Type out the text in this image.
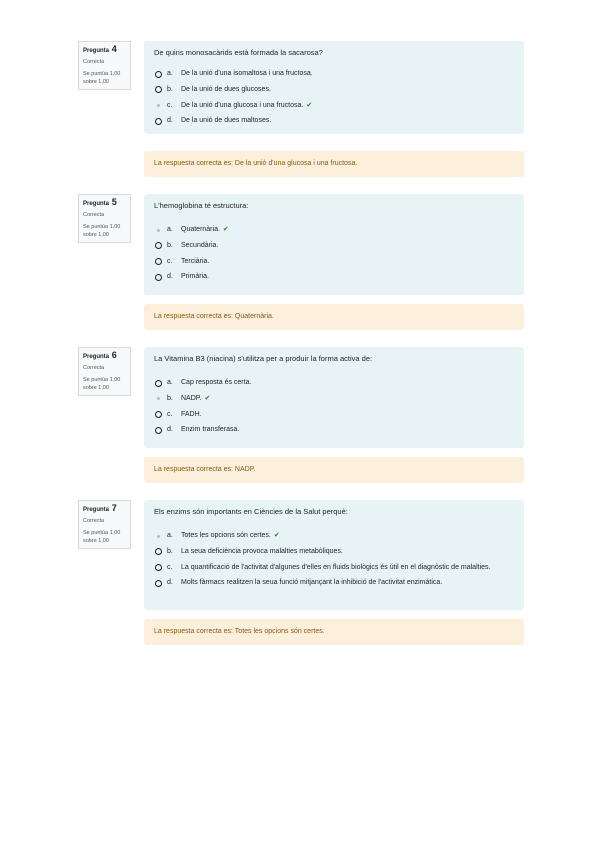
Pregunta 4
Correcta
Se puntúa 1,00 sobre 1,00
De quins monosacàrids està formada la sacarosa?
a.	De la unió d'una isomaltosa i una fructosa.
b.	De la unió de dues glucoses.
c.	De la unió d'una glucosa i una fructosa. ✔
d.	De la unió de dues maltoses.
La respuesta correcta es: De la unió d'una glucosa i una fructosa.
Pregunta 5
Correcta
Se puntúa 1,00 sobre 1,00
L'hemoglobina té estructura:
a.	Quaternària. ✔
b.	Secundària.
c.	Terciària.
d.	Primària.
La respuesta correcta es: Quaternària.
Pregunta 6
Correcta
Se puntúa 1,00 sobre 1,00
La Vitamina B3 (niacina) s'utilitza per a produir la forma activa de:
a.	Cap resposta és certa.
b.	NADP. ✔
c.	FADH.
d.	Enzim transferasa.
La respuesta correcta es: NADP.
Pregunta 7
Correcta
Se puntúa 1,00 sobre 1,00
Els enzims són importants en Ciències de la Salut perquè:
a.	Totes les opcions són certes. ✔
b.	La seua deficiència provoca malalties metabòliques.
c.	La quantificació de l'activitat d'algunes d'elles en fluids biològics és útil en el diagnòstic de malalties.
d.	Molts fàrmacs realitzen la seua funció mitjançant la inhibició de l'activitat enzimàtica.
La respuesta correcta es: Totes les opcions són certes.
